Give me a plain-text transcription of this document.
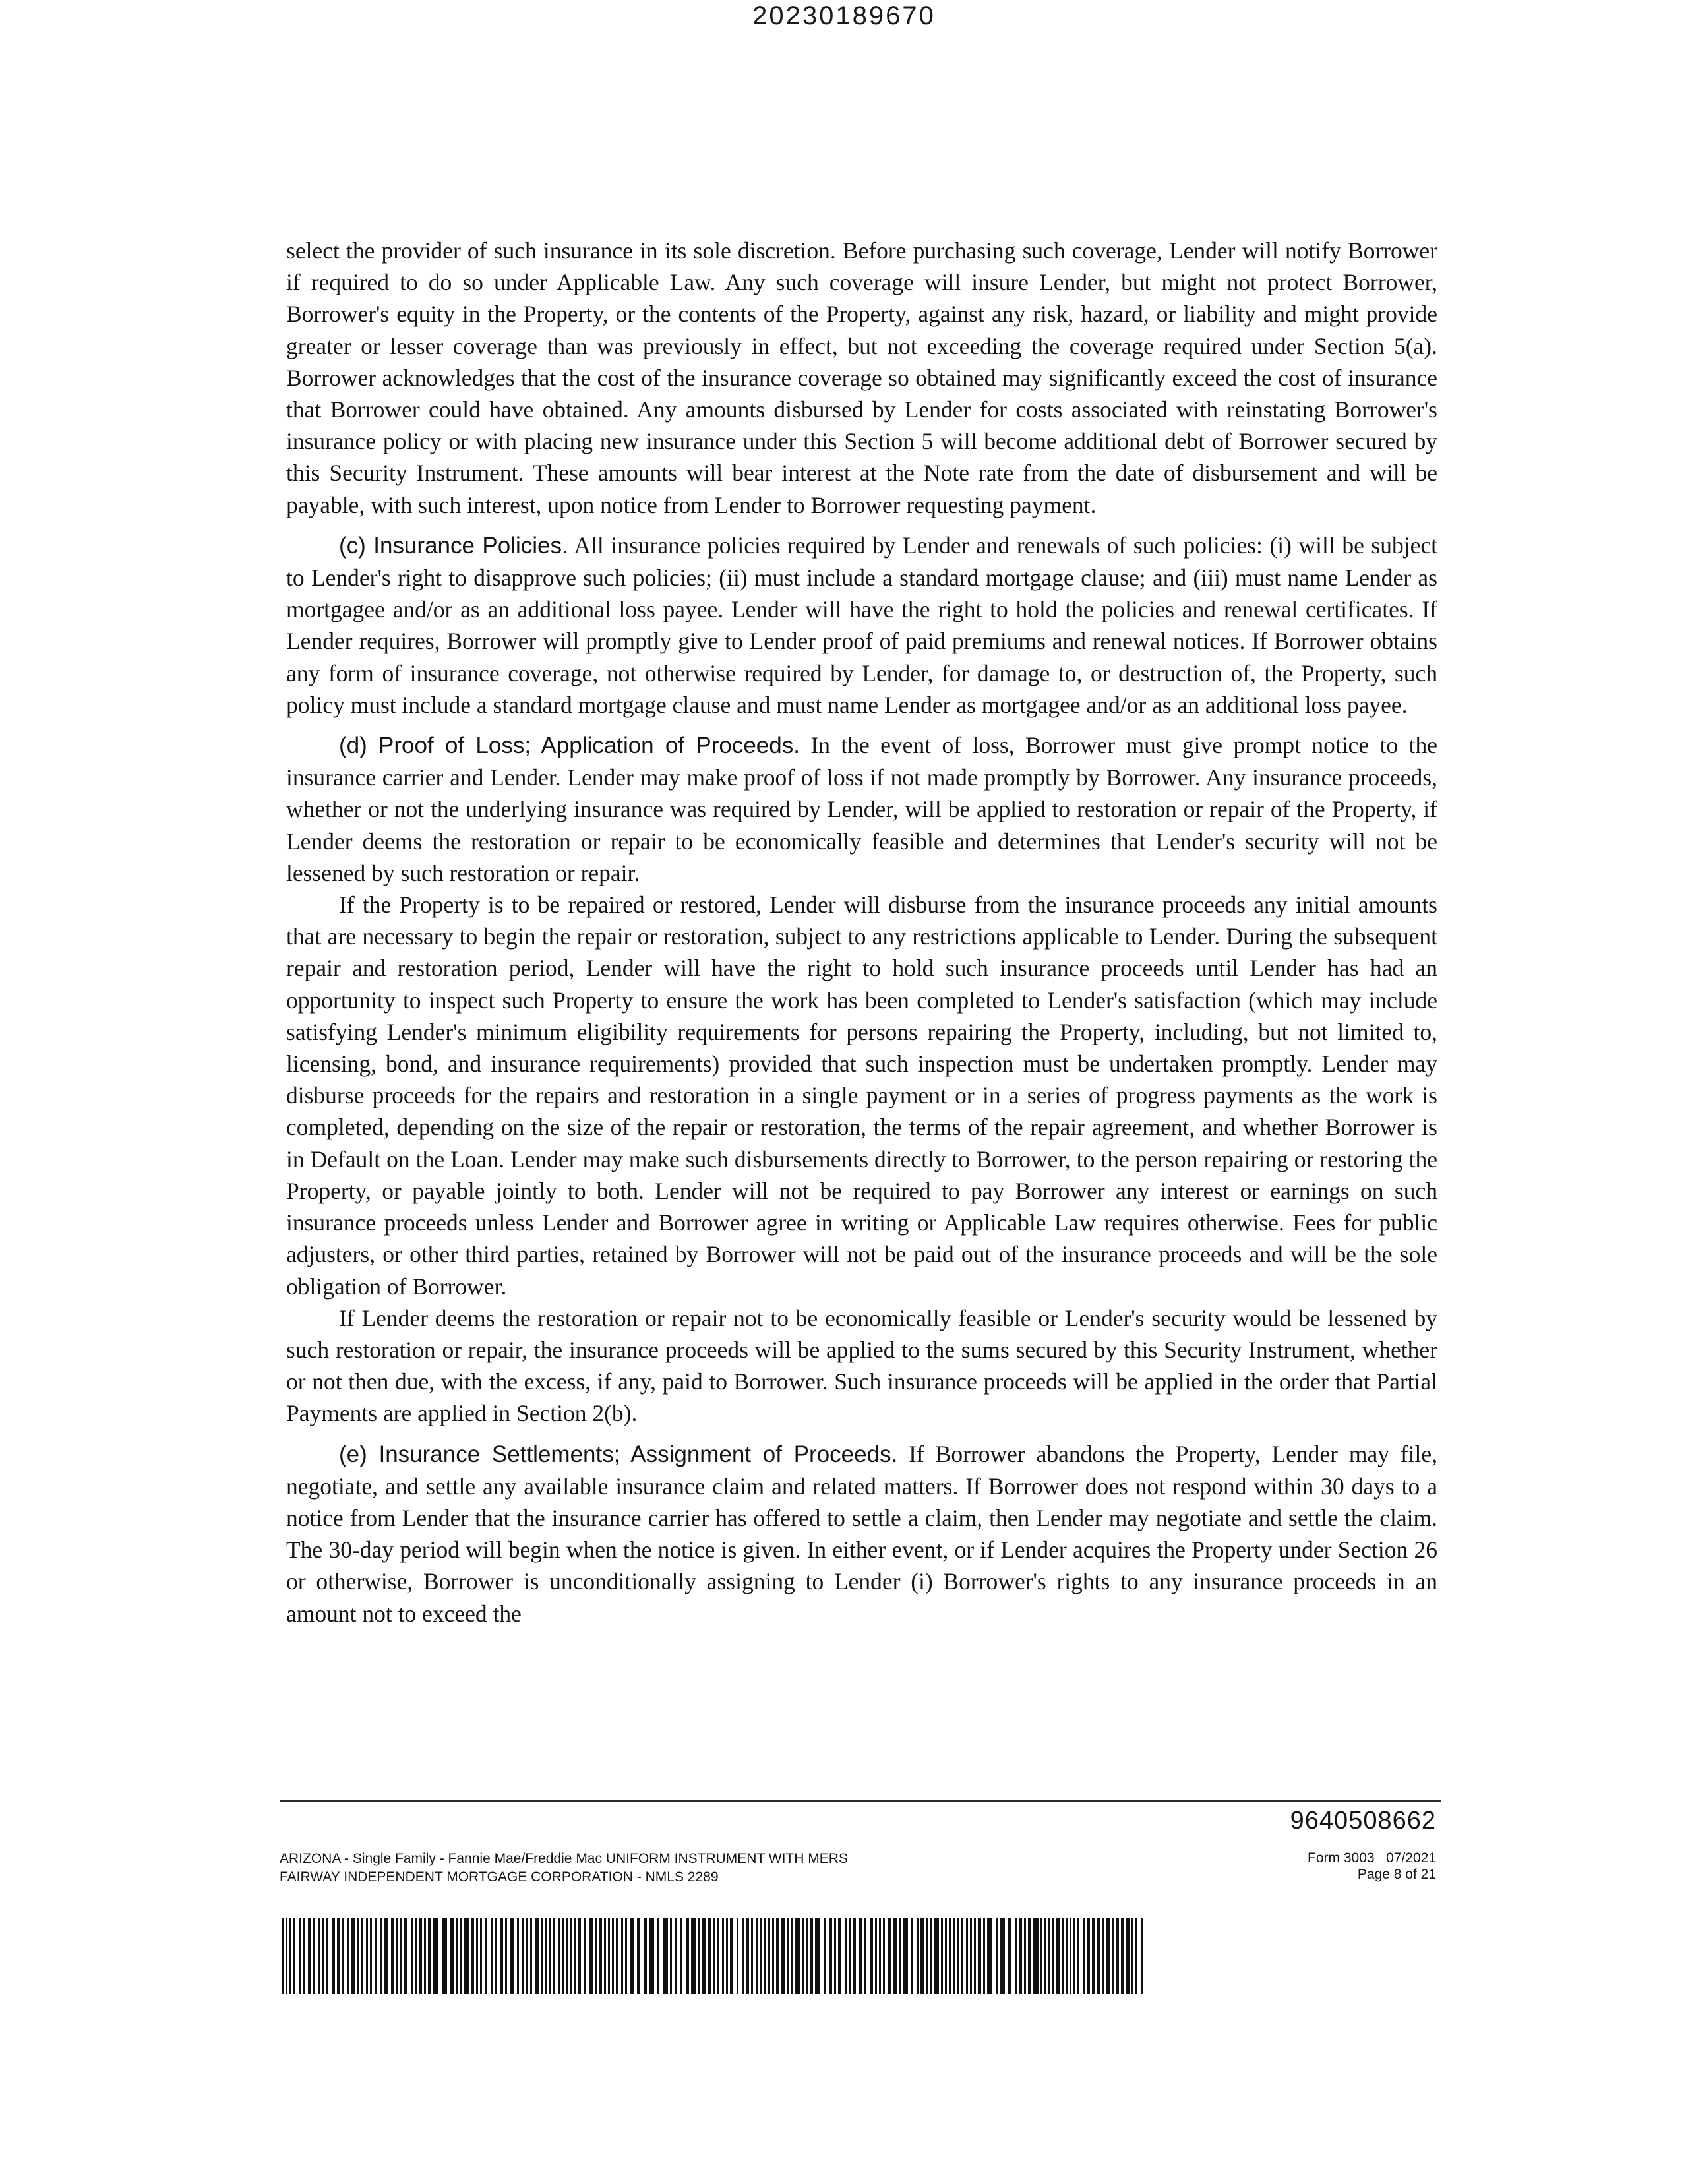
20230189670

select the provider of such insurance in its sole discretion. Before purchasing such coverage, Lender will notify Borrower if required to do so under Applicable Law. Any such coverage will insure Lender, but might not protect Borrower, Borrower's equity in the Property, or the contents of the Property, against any risk, hazard, or liability and might provide greater or lesser coverage than was previously in effect, but not exceeding the coverage required under Section 5(a). Borrower acknowledges that the cost of the insurance coverage so obtained may significantly exceed the cost of insurance that Borrower could have obtained. Any amounts disbursed by Lender for costs associated with reinstating Borrower's insurance policy or with placing new insurance under this Section 5 will become additional debt of Borrower secured by this Security Instrument. These amounts will bear interest at the Note rate from the date of disbursement and will be payable, with such interest, upon notice from Lender to Borrower requesting payment.

(c) Insurance Policies. All insurance policies required by Lender and renewals of such policies: (i) will be subject to Lender's right to disapprove such policies; (ii) must include a standard mortgage clause; and (iii) must name Lender as mortgagee and/or as an additional loss payee. Lender will have the right to hold the policies and renewal certificates. If Lender requires, Borrower will promptly give to Lender proof of paid premiums and renewal notices. If Borrower obtains any form of insurance coverage, not otherwise required by Lender, for damage to, or destruction of, the Property, such policy must include a standard mortgage clause and must name Lender as mortgagee and/or as an additional loss payee.

(d) Proof of Loss; Application of Proceeds. In the event of loss, Borrower must give prompt notice to the insurance carrier and Lender. Lender may make proof of loss if not made promptly by Borrower. Any insurance proceeds, whether or not the underlying insurance was required by Lender, will be applied to restoration or repair of the Property, if Lender deems the restoration or repair to be economically feasible and determines that Lender's security will not be lessened by such restoration or repair.

If the Property is to be repaired or restored, Lender will disburse from the insurance proceeds any initial amounts that are necessary to begin the repair or restoration, subject to any restrictions applicable to Lender. During the subsequent repair and restoration period, Lender will have the right to hold such insurance proceeds until Lender has had an opportunity to inspect such Property to ensure the work has been completed to Lender's satisfaction (which may include satisfying Lender's minimum eligibility requirements for persons repairing the Property, including, but not limited to, licensing, bond, and insurance requirements) provided that such inspection must be undertaken promptly. Lender may disburse proceeds for the repairs and restoration in a single payment or in a series of progress payments as the work is completed, depending on the size of the repair or restoration, the terms of the repair agreement, and whether Borrower is in Default on the Loan. Lender may make such disbursements directly to Borrower, to the person repairing or restoring the Property, or payable jointly to both. Lender will not be required to pay Borrower any interest or earnings on such insurance proceeds unless Lender and Borrower agree in writing or Applicable Law requires otherwise. Fees for public adjusters, or other third parties, retained by Borrower will not be paid out of the insurance proceeds and will be the sole obligation of Borrower.

If Lender deems the restoration or repair not to be economically feasible or Lender's security would be lessened by such restoration or repair, the insurance proceeds will be applied to the sums secured by this Security Instrument, whether or not then due, with the excess, if any, paid to Borrower. Such insurance proceeds will be applied in the order that Partial Payments are applied in Section 2(b).

(e) Insurance Settlements; Assignment of Proceeds. If Borrower abandons the Property, Lender may file, negotiate, and settle any available insurance claim and related matters. If Borrower does not respond within 30 days to a notice from Lender that the insurance carrier has offered to settle a claim, then Lender may negotiate and settle the claim. The 30-day period will begin when the notice is given. In either event, or if Lender acquires the Property under Section 26 or otherwise, Borrower is unconditionally assigning to Lender (i) Borrower's rights to any insurance proceeds in an amount not to exceed the

9640508662
ARIZONA - Single Family - Fannie Mae/Freddie Mac UNIFORM INSTRUMENT WITH MERS
FAIRWAY INDEPENDENT MORTGAGE CORPORATION - NMLS 2289
Form 3003   07/2021
Page 8 of 21
